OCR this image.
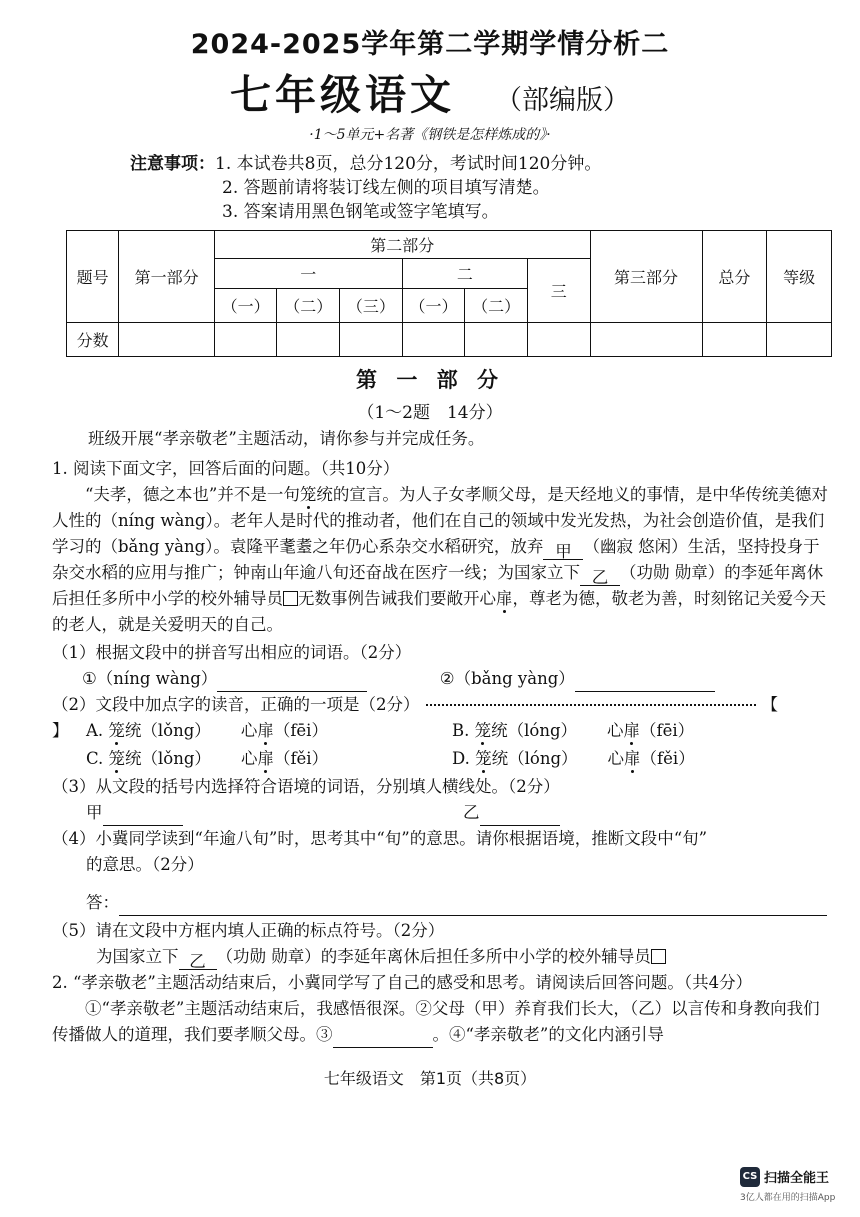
2024-2025学年第二学期学情分析二
七年级语文 （部编版）
·1～5单元+名著《钢铁是怎样炼成的》·
注意事项：1. 本试卷共8页，总分120分，考试时间120分钟。
2. 答题前请将装订线左侧的项目填写清楚。
3. 答案请用黑色钢笔或签字笔填写。
题号	第一部分	第二部分						第三部分	总分	等级
		一			二		三			
		（一）	（二）	（三）	（一）	（二）				
分数										
第 一 部 分
（1～2题　14分）
班级开展“孝亲敬老”主题活动，请你参与并完成任务。
1. 阅读下面文字，回答后面的问题。（共10分）
“夫孝，德之本也”并不是一句笼统的宣言。为人子女孝顺父母，是天经地义的事情，是中华传统美德对人性的（níng wàng）。老年人是时代的推动者，他们在自己的领域中发光发热，为社会创造价值，是我们学习的（bǎng yàng）。袁隆平耄耋之年仍心系杂交水稻研究，放弃 甲 （幽寂 悠闲）生活，坚持投身于杂交水稻的应用与推广；钟南山年逾八旬还奋战在医疗一线；为国家立下 乙 （功勋 勋章）的李延年离休后担任多所中小学的校外辅导员 无数事例告诫我们要敞开心扉，尊老为德，敬老为善，时刻铭记关爱今天的老人，就是关爱明天的自己。
（1）根据文段中的拼音写出相应的词语。（2分）
①（níng wàng）	②（bǎng yàng）
（2）文段中加点字的读音，正确的一项是（2分）	【】	A. 笼统（lǒng） 心扉（fēi）	B. 笼统（lóng） 心扉（fēi）
C. 笼统（lǒng） 心扉（fěi）	D. 笼统（lóng） 心扉（fěi）
（3）从文段的括号内选择符合语境的词语，分别填人横线处。（2分）
甲	乙
（4）小冀同学读到“年逾八旬”时，思考其中“旬”的意思。请你根据语境，推断文段中“旬”
的意思。（2分）
答：
（5）请在文段中方框内填人正确的标点符号。（2分）
为国家立下 乙 （功勋 勋章）的李延年离休后担任多所中小学的校外辅导员
2. “孝亲敬老”主题活动结束后，小冀同学写了自己的感受和思考。请阅读后回答问题。（共4分）
①“孝亲敬老”主题活动结束后，我感悟很深。②父母（甲）养育我们长大，（乙）以言传和身教向我们传播做人的道理，我们要孝顺父母。③	。④“孝亲敬老”的文化内涵引导
七年级语文　第1页（共8页）
CS 扫描全能王
3亿人都在用的扫描App
